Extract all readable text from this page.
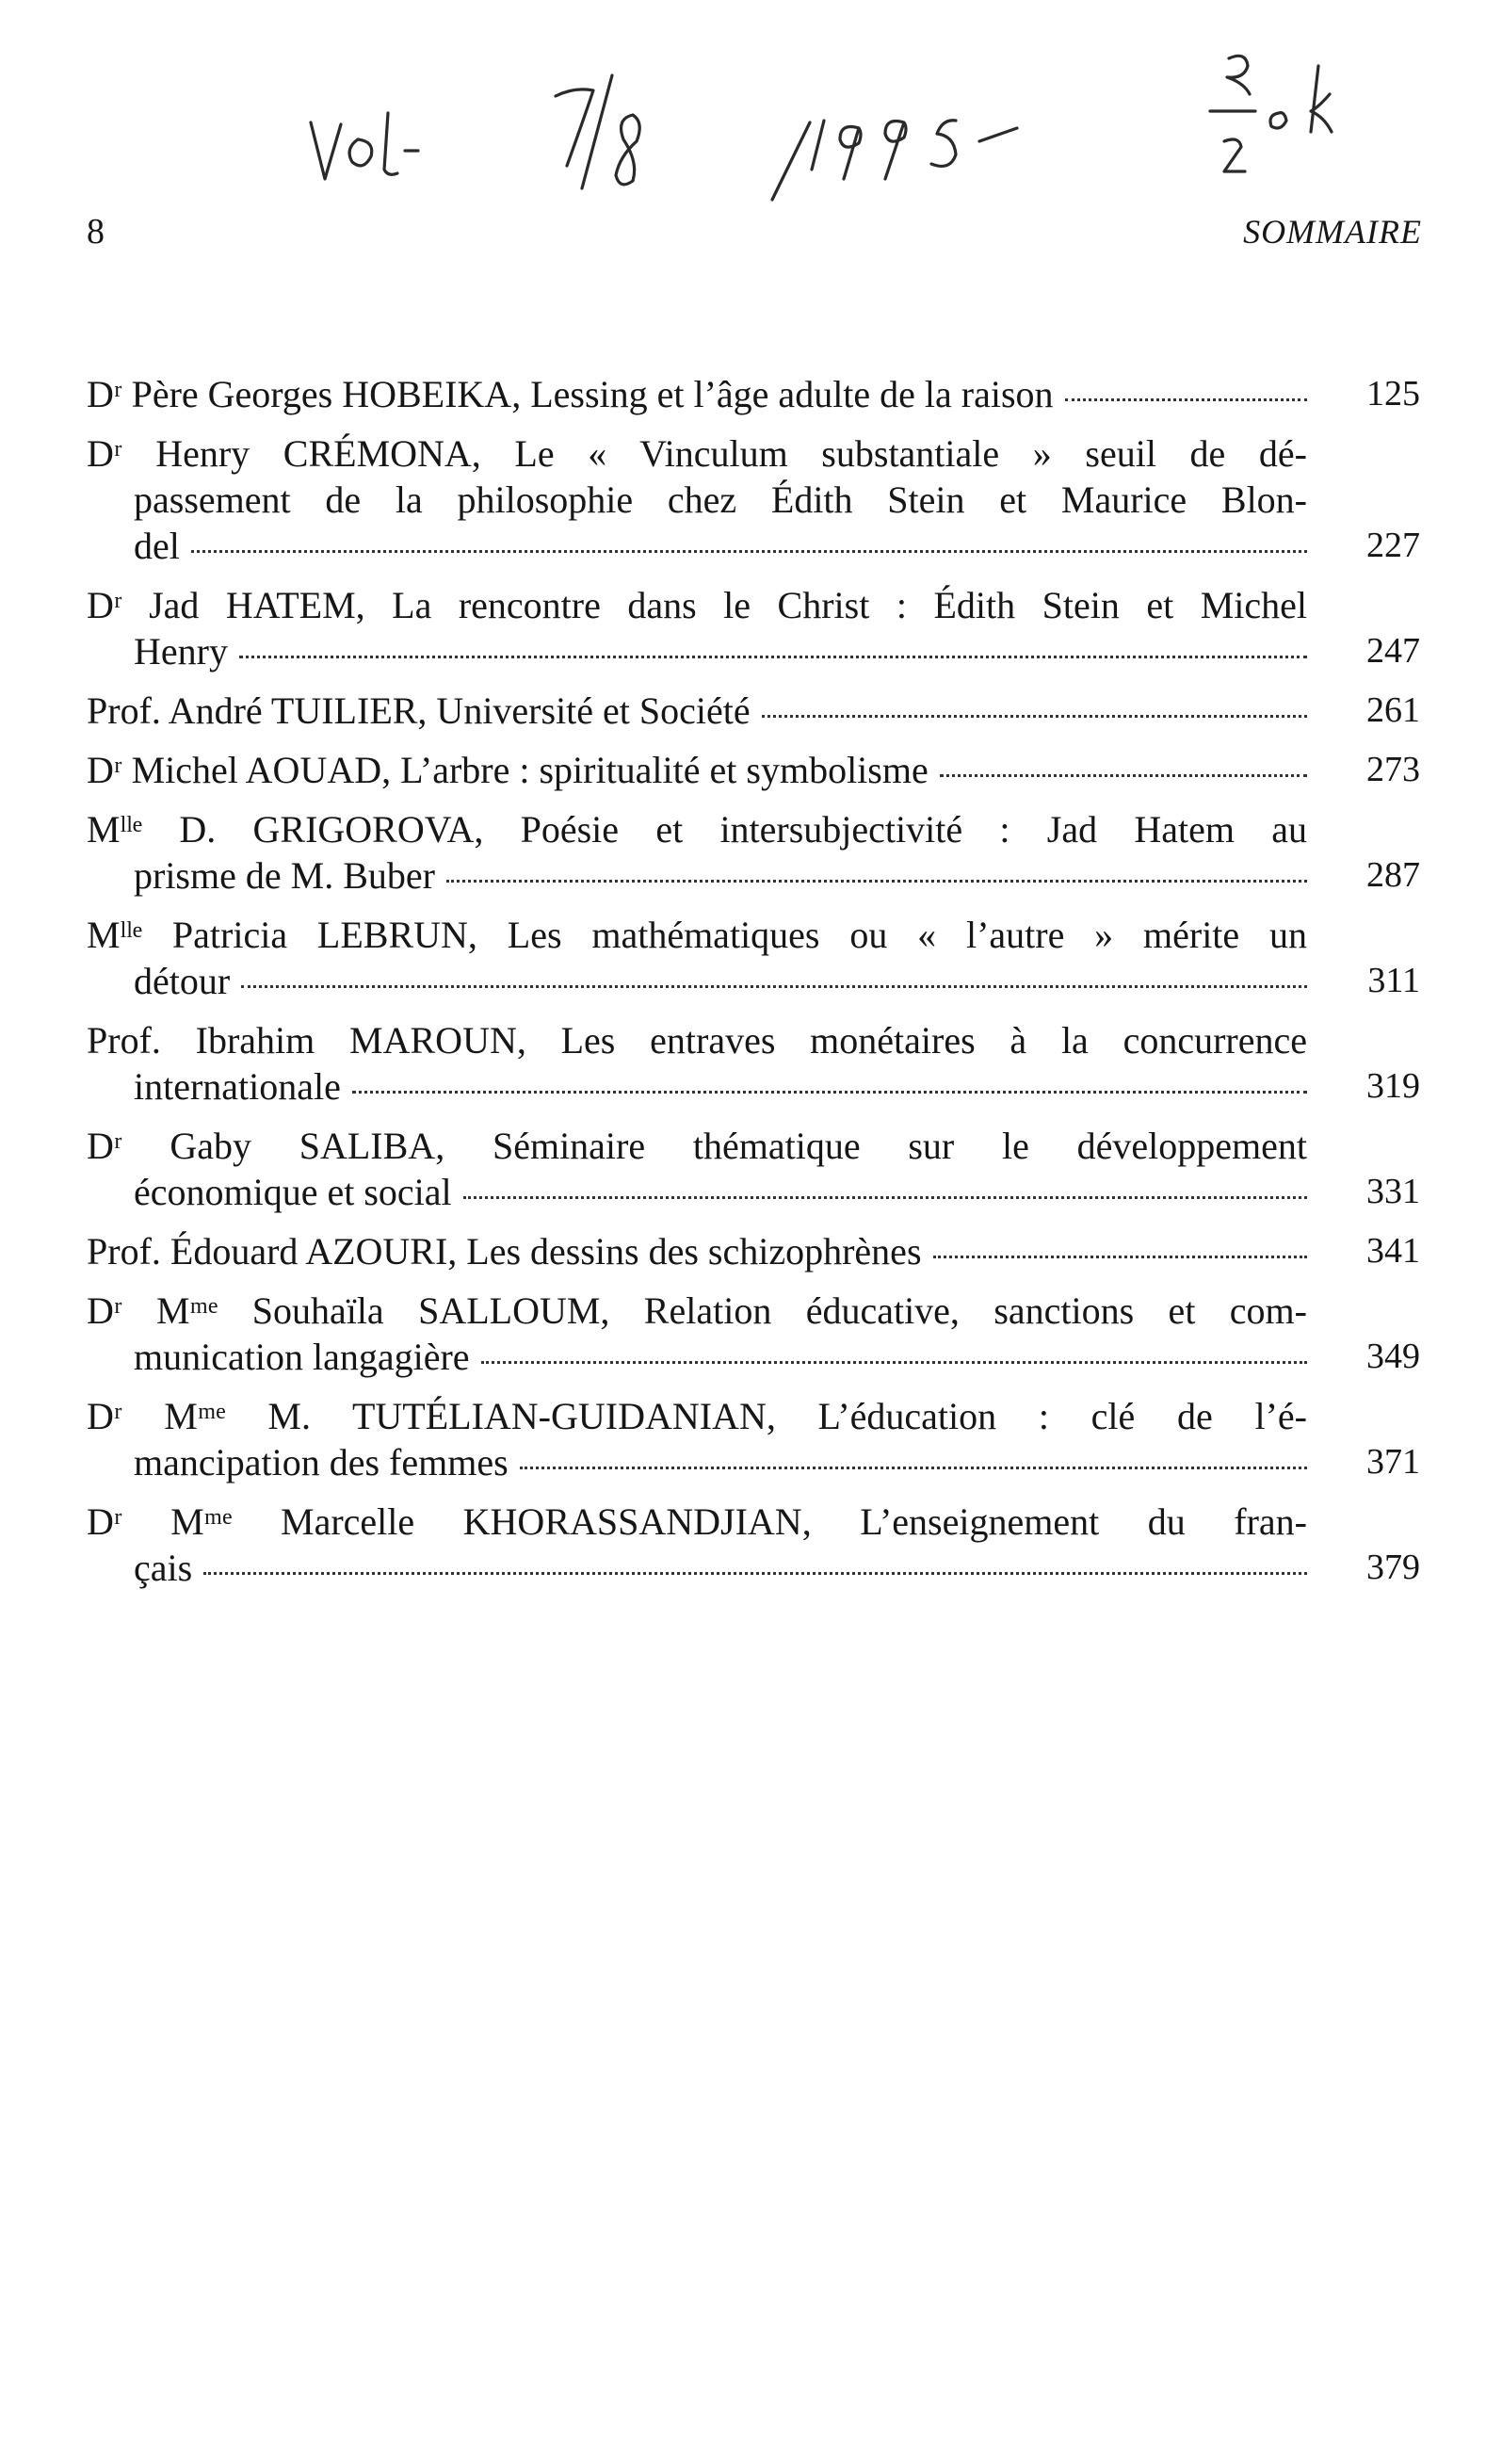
8	SOMMAIRE
Dʳ Père Georges HOBEIKA, Lessing et l’âge adulte de la raison	125
Dʳ Henry CRÉMONA, Le « Vinculum substantiale » seuil de dé-
passement de la philosophie chez Édith Stein et Maurice Blon-
del	227
Dʳ Jad HATEM, La rencontre dans le Christ : Édith Stein et Michel
Henry	247
Prof. André TUILIER, Université et Société	261
Dʳ Michel AOUAD, L’arbre : spiritualité et symbolisme	273
Mˡˡᵉ D. GRIGOROVA, Poésie et intersubjectivité : Jad Hatem au
prisme de M. Buber	287
Mˡˡᵉ Patricia LEBRUN, Les mathématiques ou « l’autre » mérite un
détour	311
Prof. Ibrahim MAROUN, Les entraves monétaires à la concurrence
internationale	319
Dʳ Gaby SALIBA, Séminaire thématique sur le développement
économique et social	331
Prof. Édouard AZOURI, Les dessins des schizophrènes	341
Dʳ Mᵐᵉ Souhaïla SALLOUM, Relation éducative, sanctions et com-
munication langagière	349
Dʳ Mᵐᵉ M. TUTÉLIAN-GUIDANIAN, L’éducation : clé de l’é-
mancipation des femmes	371
Dʳ Mᵐᵉ Marcelle KHORASSANDJIAN, L’enseignement du fran-
çais	379
